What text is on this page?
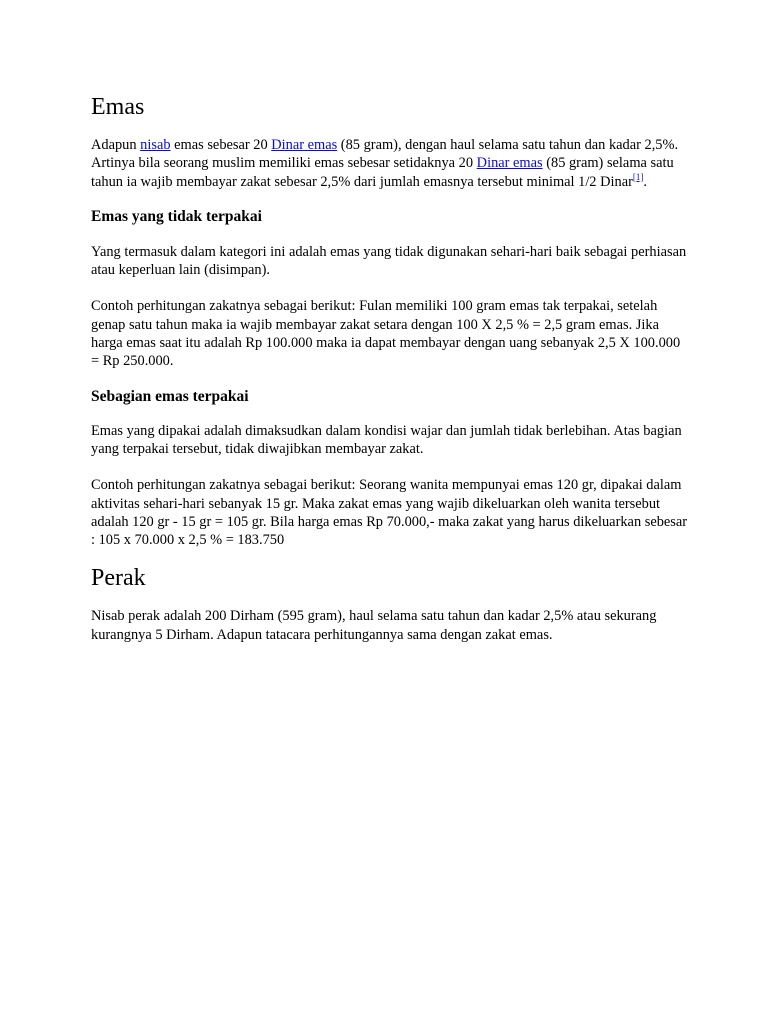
Emas

Adapun nisab emas sebesar 20 Dinar emas (85 gram), dengan haul selama satu tahun dan kadar 2,5%. Artinya bila seorang muslim memiliki emas sebesar setidaknya 20 Dinar emas (85 gram) selama satu tahun ia wajib membayar zakat sebesar 2,5% dari jumlah emasnya tersebut minimal 1/2 Dinar[1].

Emas yang tidak terpakai

Yang termasuk dalam kategori ini adalah emas yang tidak digunakan sehari-hari baik sebagai perhiasan atau keperluan lain (disimpan).

Contoh perhitungan zakatnya sebagai berikut: Fulan memiliki 100 gram emas tak terpakai, setelah genap satu tahun maka ia wajib membayar zakat setara dengan 100 X 2,5 % = 2,5 gram emas. Jika harga emas saat itu adalah Rp 100.000 maka ia dapat membayar dengan uang sebanyak 2,5 X 100.000 = Rp 250.000.

Sebagian emas terpakai

Emas yang dipakai adalah dimaksudkan dalam kondisi wajar dan jumlah tidak berlebihan. Atas bagian yang terpakai tersebut, tidak diwajibkan membayar zakat.

Contoh perhitungan zakatnya sebagai berikut: Seorang wanita mempunyai emas 120 gr, dipakai dalam aktivitas sehari-hari sebanyak 15 gr. Maka zakat emas yang wajib dikeluarkan oleh wanita tersebut adalah 120 gr - 15 gr = 105 gr. Bila harga emas Rp 70.000,- maka zakat yang harus dikeluarkan sebesar : 105 x 70.000 x 2,5 % = 183.750

Perak

Nisab perak adalah 200 Dirham (595 gram), haul selama satu tahun dan kadar 2,5% atau sekurang kurangnya 5 Dirham. Adapun tatacara perhitungannya sama dengan zakat emas.
